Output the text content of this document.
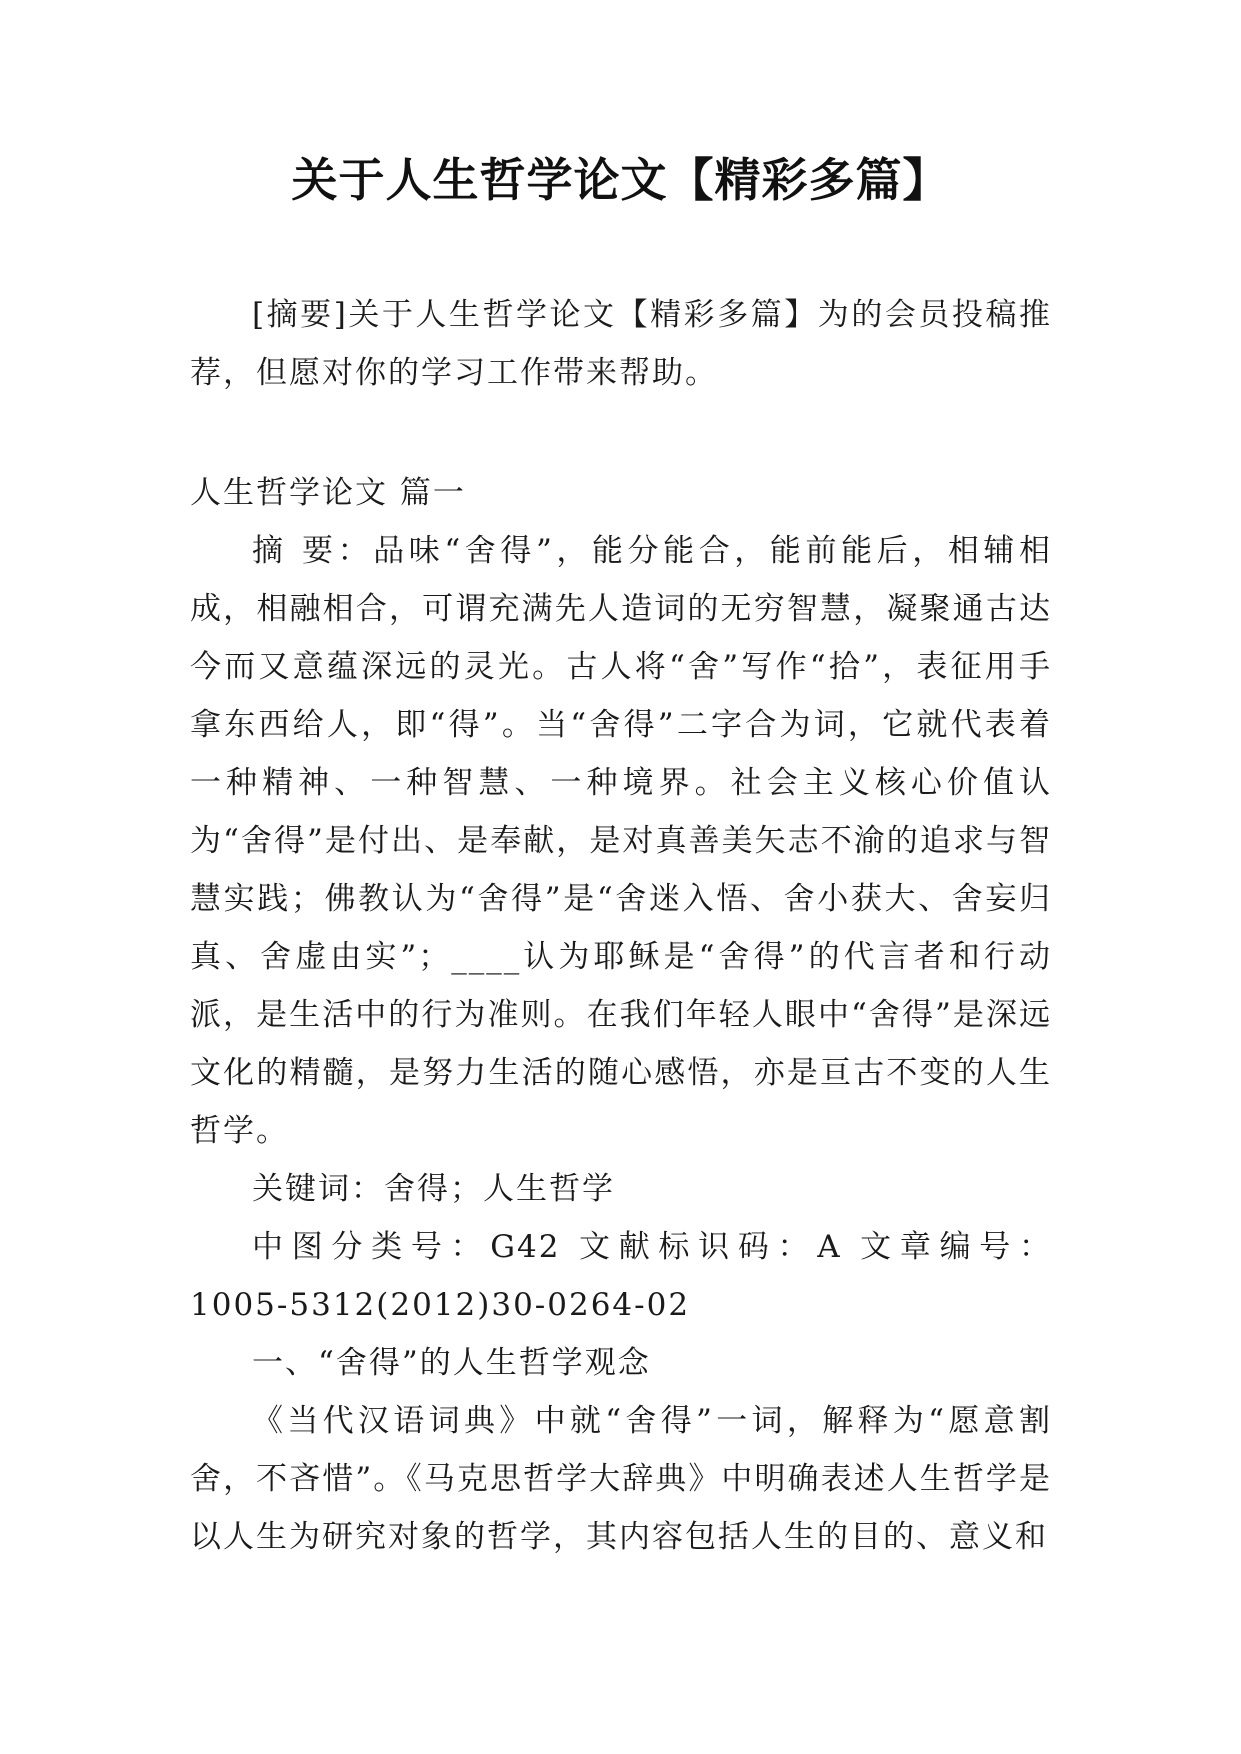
关于人生哲学论文【精彩多篇】

[摘要]关于人生哲学论文【精彩多篇】为的会员投稿推荐，但愿对你的学习工作带来帮助。

人生哲学论文 篇一

摘 要：品味“舍得”，能分能合，能前能后，相辅相成，相融相合，可谓充满先人造词的无穷智慧，凝聚通古达今而又意蕴深远的灵光。古人将“舍”写作“拾”，表征用手拿东西给人，即“得”。当“舍得”二字合为词，它就代表着一种精神、一种智慧、一种境界。社会主义核心价值认为“舍得”是付出、是奉献，是对真善美矢志不渝的追求与智慧实践；佛教认为“舍得”是“舍迷入悟、舍小获大、舍妄归真、舍虚由实”；____认为耶稣是“舍得”的代言者和行动派，是生活中的行为准则。在我们年轻人眼中“舍得”是深远文化的精髓，是努力生活的随心感悟，亦是亘古不变的人生哲学。

关键词：舍得；人生哲学

中图分类号：G42 文献标识码：A 文章编号：

1005-5312(2012)30-0264-02

一、“舍得”的人生哲学观念

《当代汉语词典》中就“舍得”一词，解释为“愿意割舍，不吝惜”。《马克思哲学大辞典》中明确表述人生哲学是以人生为研究对象的哲学，其内容包括人生的目的、意义和
